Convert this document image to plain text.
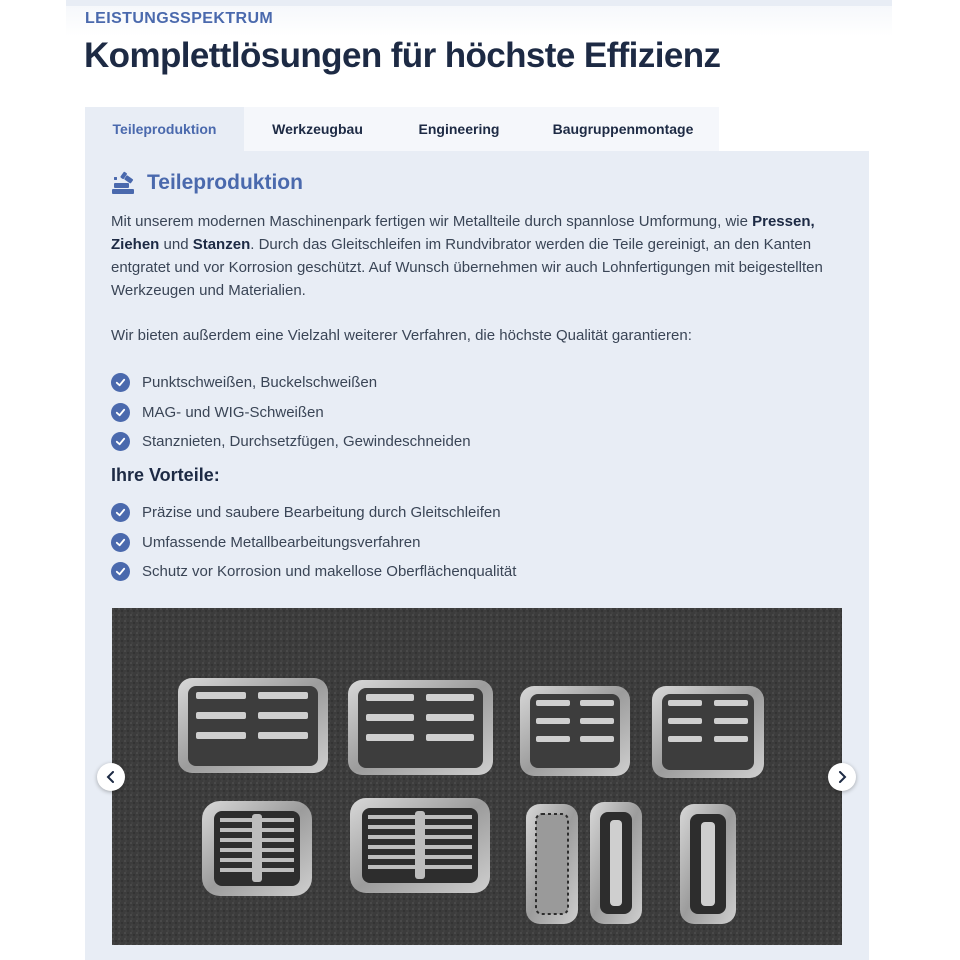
LEISTUNGSSPEKTRUM
Komplettlösungen für höchste Effizienz
Teileproduktion	Werkzeugbau	Engineering	Baugruppenmontage
Teileproduktion

Mit unserem modernen Maschinenpark fertigen wir Metallteile durch spannlose Umformung, wie Pressen,
Ziehen und Stanzen. Durch das Gleitschleifen im Rundvibrator werden die Teile gereinigt, an den Kanten entgratet und vor Korrosion geschützt. Auf Wunsch übernehmen wir auch Lohnfertigungen mit beigestellten Werkzeugen und Materialien.

Wir bieten außerdem eine Vielzahl weiterer Verfahren, die höchste Qualität garantieren:

Punktschweißen, Buckelschweißen
MAG- und WIG-Schweißen
Stanznieten, Durchsetzfügen, Gewindeschneiden
Ihre Vorteile:
Präzise und saubere Bearbeitung durch Gleitschleifen
Umfassende Metallbearbeitungsverfahren
Schutz vor Korrosion und makellose Oberflächenqualität
